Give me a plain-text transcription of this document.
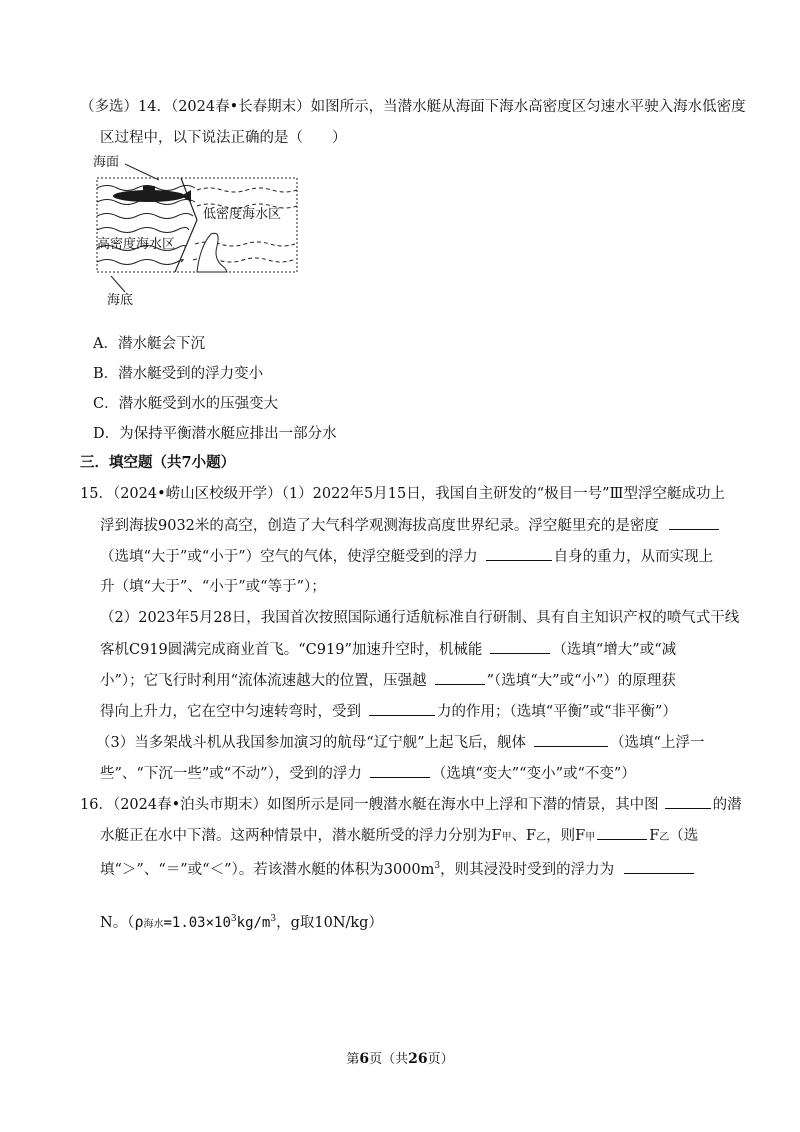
（多选）14．（2024春•长春期末）如图所示，当潜水艇从海面下海水高密度区匀速水平驶入海水低密度
区过程中，以下说法正确的是（　　）
海面
低密度海水区
高密度海水区
海底
A．潜水艇会下沉
B．潜水艇受到的浮力变小
C．潜水艇受到水的压强变大
D．为保持平衡潜水艇应排出一部分水
三．填空题（共7小题）
15．（2024•崂山区校级开学）（1）2022年5月15日，我国自主研发的“极目一号”Ⅲ型浮空艇成功上
浮到海拔9032米的高空，创造了大气科学观测海拔高度世界纪录。浮空艇里充的是密度
（选填“大于”或“小于”）空气的气体，使浮空艇受到的浮力	自身的重力，从而实现上
升（填“大于”、“小于”或“等于”）；
（2）2023年5月28日，我国首次按照国际通行适航标准自行研制、具有自主知识产权的喷气式干线
客机C919圆满完成商业首飞。“C919”加速升空时，机械能	（选填“增大”或“减
小”）；它飞行时利用“流体流速越大的位置，压强越	”（选填“大”或“小”）的原理获
得向上升力，它在空中匀速转弯时，受到	力的作用；（选填“平衡”或“非平衡”）
（3）当多架战斗机从我国参加演习的航母“辽宁舰”上起飞后，舰体	（选填“上浮一
些”、“下沉一些”或“不动”），受到的浮力	（选填“变大”“变小”或“不变”）
16．（2024春•泊头市期末）如图所示是同一艘潜水艇在海水中上浮和下潜的情景，其中图	的潜
水艇正在水中下潜。这两种情景中，潜水艇所受的浮力分别为F甲、F乙，则F甲	F乙（选
填“＞”、“＝”或“＜”）。若该潜水艇的体积为$3000m^3$，则其浸没时受到的浮力为
N。（ρ海水$=1.03\times 10^3kg/m^3$，g取10N/kg）
第6页（共26页）
